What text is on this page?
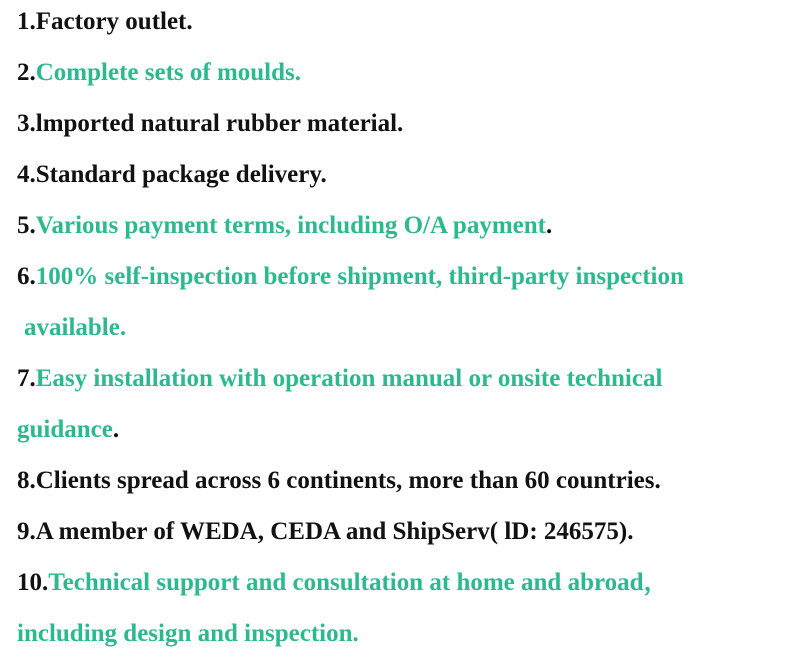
1.Factory outlet.
2.Complete sets of moulds.
3.lmported natural rubber material.
4.Standard package delivery.
5.Various payment terms, including O/A payment.
6.100% self-inspection before shipment, third-party inspection
available.
7.Easy installation with operation manual or onsite technical
guidance.
8.Clients spread across 6 continents, more than 60 countries.
9.A member of WEDA, CEDA and ShipServ( lD: 246575).
10.Technical support and consultation at home and abroad，
including design and inspection.
